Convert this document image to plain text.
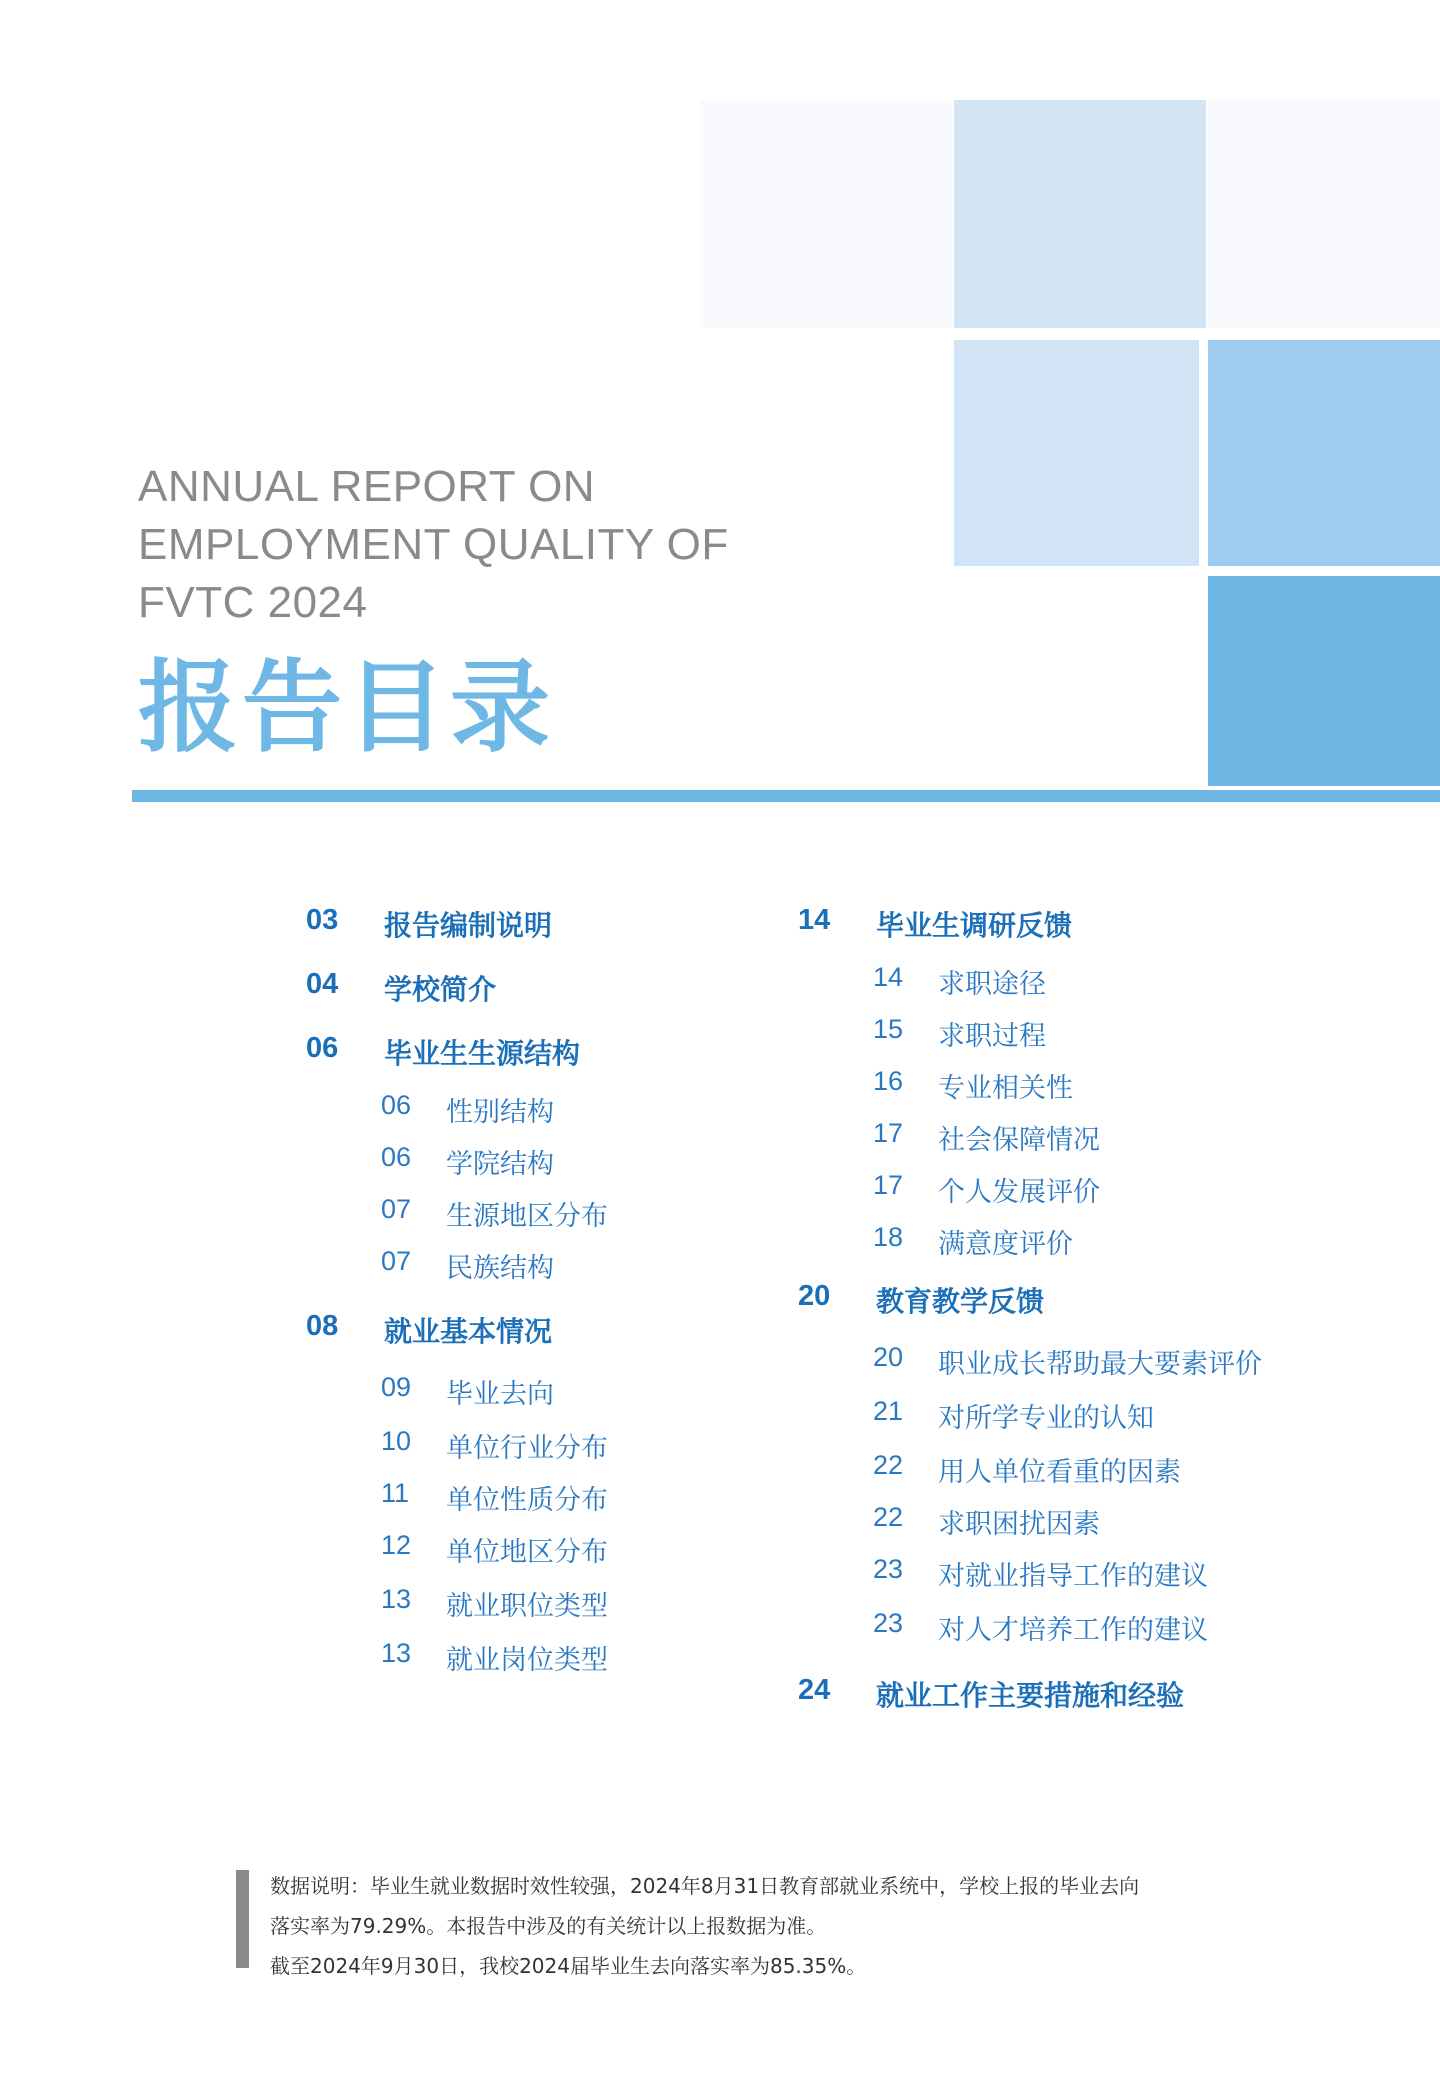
ANNUAL REPORT ON
EMPLOYMENT QUALITY OF
FVTC 2024
报告目录
03 报告编制说明
04 学校简介
06 毕业生生源结构
06 性别结构
06 学院结构
07 生源地区分布
07 民族结构
08 就业基本情况
09 毕业去向
10 单位行业分布
11 单位性质分布
12 单位地区分布
13 就业职位类型
13 就业岗位类型
14 毕业生调研反馈
14 求职途径
15 求职过程
16 专业相关性
17 社会保障情况
17 个人发展评价
18 满意度评价
20 教育教学反馈
20 职业成长帮助最大要素评价
21 对所学专业的认知
22 用人单位看重的因素
22 求职困扰因素
23 对就业指导工作的建议
23 对人才培养工作的建议
24 就业工作主要措施和经验
数据说明：毕业生就业数据时效性较强，2024年8月31日教育部就业系统中，学校上报的毕业去向
落实率为79.29%。本报告中涉及的有关统计以上报数据为准。
截至2024年9月30日，我校2024届毕业生去向落实率为85.35%。
